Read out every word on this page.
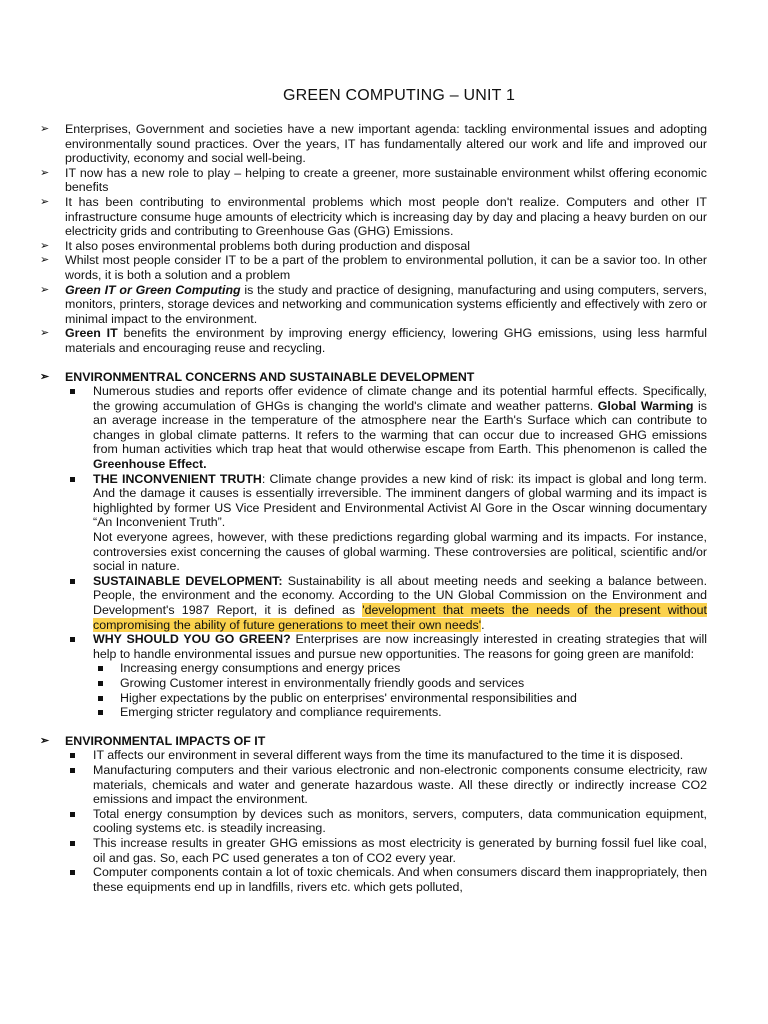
GREEN COMPUTING – UNIT 1
➢ Enterprises, Government and societies have a new important agenda: tackling environmental issues and adopting environmentally sound practices. Over the years, IT has fundamentally altered our work and life and improved our productivity, economy and social well-being.
➢ IT now has a new role to play – helping to create a greener, more sustainable environment whilst offering economic benefits
➢ It has been contributing to environmental problems which most people don't realize. Computers and other IT infrastructure consume huge amounts of electricity which is increasing day by day and placing a heavy burden on our electricity grids and contributing to Greenhouse Gas (GHG) Emissions.
➢ It also poses environmental problems both during production and disposal
➢ Whilst most people consider IT to be a part of the problem to environmental pollution, it can be a savior too. In other words, it is both a solution and a problem
➢ Green IT or Green Computing is the study and practice of designing, manufacturing and using computers, servers, monitors, printers, storage devices and networking and communication systems efficiently and effectively with zero or minimal impact to the environment.
➢ Green IT benefits the environment by improving energy efficiency, lowering GHG emissions, using less harmful materials and encouraging reuse and recycling.
➢ ENVIRONMENTRAL CONCERNS AND SUSTAINABLE DEVELOPMENT
Numerous studies and reports offer evidence of climate change and its potential harmful effects. Specifically, the growing accumulation of GHGs is changing the world's climate and weather patterns. Global Warming is an average increase in the temperature of the atmosphere near the Earth's Surface which can contribute to changes in global climate patterns. It refers to the warming that can occur due to increased GHG emissions from human activities which trap heat that would otherwise escape from Earth. This phenomenon is called the Greenhouse Effect.
THE INCONVENIENT TRUTH: Climate change provides a new kind of risk: its impact is global and long term. And the damage it causes is essentially irreversible. The imminent dangers of global warming and its impact is highlighted by former US Vice President and Environmental Activist Al Gore in the Oscar winning documentary “An Inconvenient Truth”.
Not everyone agrees, however, with these predictions regarding global warming and its impacts. For instance, controversies exist concerning the causes of global warming. These controversies are political, scientific and/or social in nature.
SUSTAINABLE DEVELOPMENT: Sustainability is all about meeting needs and seeking a balance between. People, the environment and the economy. According to the UN Global Commission on the Environment and Development's 1987 Report, it is defined as 'development that meets the needs of the present without compromising the ability of future generations to meet their own needs'.
WHY SHOULD YOU GO GREEN? Enterprises are now increasingly interested in creating strategies that will help to handle environmental issues and pursue new opportunities. The reasons for going green are manifold:
Increasing energy consumptions and energy prices
Growing Customer interest in environmentally friendly goods and services
Higher expectations by the public on enterprises' environmental responsibilities and
Emerging stricter regulatory and compliance requirements.
➢ ENVIRONMENTAL IMPACTS OF IT
IT affects our environment in several different ways from the time its manufactured to the time it is disposed.
Manufacturing computers and their various electronic and non-electronic components consume electricity, raw materials, chemicals and water and generate hazardous waste. All these directly or indirectly increase CO2 emissions and impact the environment.
Total energy consumption by devices such as monitors, servers, computers, data communication equipment, cooling systems etc. is steadily increasing.
This increase results in greater GHG emissions as most electricity is generated by burning fossil fuel like coal, oil and gas. So, each PC used generates a ton of CO2 every year.
Computer components contain a lot of toxic chemicals. And when consumers discard them inappropriately, then these equipments end up in landfills, rivers etc. which gets polluted,
